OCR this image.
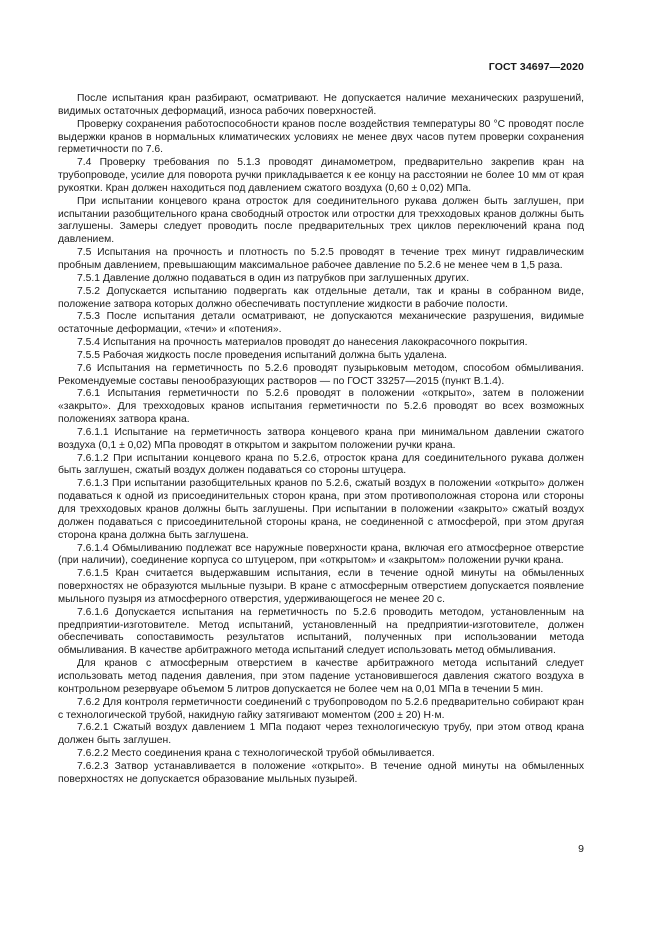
ГОСТ 34697—2020

После испытания кран разбирают, осматривают. Не допускается наличие механических разрушений, видимых остаточных деформаций, износа рабочих поверхностей.

Проверку сохранения работоспособности кранов после воздействия температуры 80 °С проводят после выдержки кранов в нормальных климатических условиях не менее двух часов путем проверки сохранения герметичности по 7.6.

7.4 Проверку требования по 5.1.3 проводят динамометром, предварительно закрепив кран на трубопроводе, усилие для поворота ручки прикладывается к ее концу на расстоянии не более 10 мм от края рукоятки. Кран должен находиться под давлением сжатого воздуха (0,60 ± 0,02) МПа.

При испытании концевого крана отросток для соединительного рукава должен быть заглушен, при испытании разобщительного крана свободный отросток или отростки для трехходовых кранов должны быть заглушены. Замеры следует проводить после предварительных трех циклов переключений крана под давлением.

7.5 Испытания на прочность и плотность по 5.2.5 проводят в течение трех минут гидравлическим пробным давлением, превышающим максимальное рабочее давление по 5.2.6 не менее чем в 1,5 раза.

7.5.1 Давление должно подаваться в один из патрубков при заглушенных других.

7.5.2 Допускается испытанию подвергать как отдельные детали, так и краны в собранном виде, положение затвора которых должно обеспечивать поступление жидкости в рабочие полости.

7.5.3 После испытания детали осматривают, не допускаются механические разрушения, видимые остаточные деформации, «течи» и «потения».

7.5.4 Испытания на прочность материалов проводят до нанесения лакокрасочного покрытия.

7.5.5 Рабочая жидкость после проведения испытаний должна быть удалена.

7.6 Испытания на герметичность по 5.2.6 проводят пузырьковым методом, способом обмыливания. Рекомендуемые составы пенообразующих растворов — по ГОСТ 33257—2015 (пункт В.1.4).

7.6.1 Испытания герметичности по 5.2.6 проводят в положении «открыто», затем в положении «закрыто». Для трехходовых кранов испытания герметичности по 5.2.6 проводят во всех возможных положениях затвора крана.

7.6.1.1 Испытание на герметичность затвора концевого крана при минимальном давлении сжатого воздуха (0,1 ± 0,02) МПа проводят в открытом и закрытом положении ручки крана.

7.6.1.2 При испытании концевого крана по 5.2.6, отросток крана для соединительного рукава должен быть заглушен, сжатый воздух должен подаваться со стороны штуцера.

7.6.1.3 При испытании разобщительных кранов по 5.2.6, сжатый воздух в положении «открыто» должен подаваться к одной из присоединительных сторон крана, при этом противоположная сторона или стороны для трехходовых кранов должны быть заглушены. При испытании в положении «закрыто» сжатый воздух должен подаваться с присоединительной стороны крана, не соединенной с атмосферой, при этом другая сторона крана должна быть заглушена.

7.6.1.4 Обмыливанию подлежат все наружные поверхности крана, включая его атмосферное отверстие (при наличии), соединение корпуса со штуцером, при «открытом» и «закрытом» положении ручки крана.

7.6.1.5 Кран считается выдержавшим испытания, если в течение одной минуты на обмыленных поверхностях не образуются мыльные пузыри. В кране с атмосферным отверстием допускается появление мыльного пузыря из атмосферного отверстия, удерживающегося не менее 20 с.

7.6.1.6 Допускается испытания на герметичность по 5.2.6 проводить методом, установленным на предприятии-изготовителе. Метод испытаний, установленный на предприятии-изготовителе, должен обеспечивать сопоставимость результатов испытаний, полученных при использовании метода обмыливания. В качестве арбитражного метода испытаний следует использовать метод обмыливания.

Для кранов с атмосферным отверстием в качестве арбитражного метода испытаний следует использовать метод падения давления, при этом падение установившегося давления сжатого воздуха в контрольном резервуаре объемом 5 литров допускается не более чем на 0,01 МПа в течении 5 мин.

7.6.2 Для контроля герметичности соединений с трубопроводом по 5.2.6 предварительно собирают кран с технологической трубой, накидную гайку затягивают моментом (200 ± 20) Н·м.

7.6.2.1 Сжатый воздух давлением 1 МПа подают через технологическую трубу, при этом отвод крана должен быть заглушен.

7.6.2.2 Место соединения крана с технологической трубой обмыливается.

7.6.2.3 Затвор устанавливается в положение «открыто». В течение одной минуты на обмыленных поверхностях не допускается образование мыльных пузырей.

9
